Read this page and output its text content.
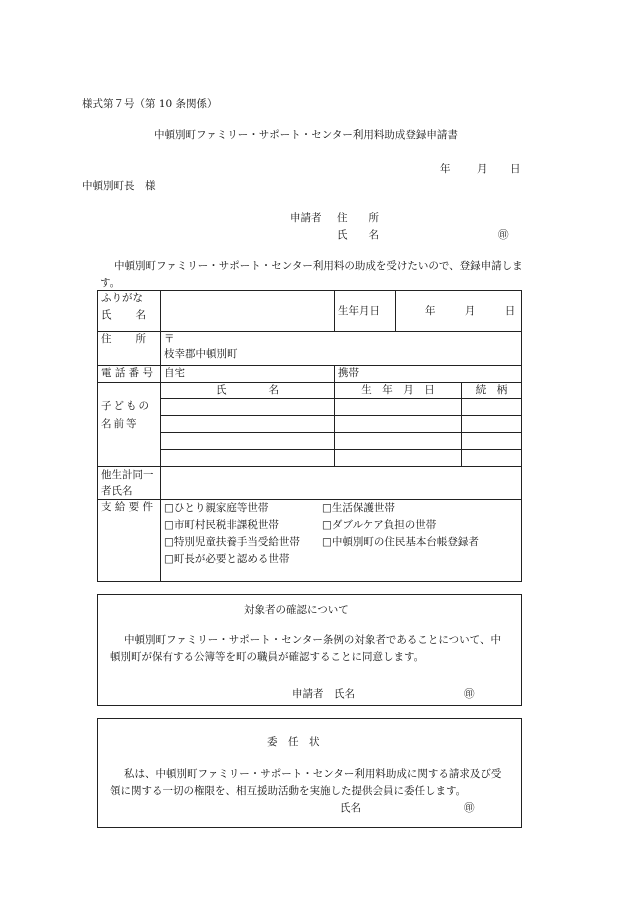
様式第７号（第 10 条関係）
中頓別町ファミリー・サポート・センター利用料助成登録申請書
年	月 日
中頓別町長　様
申請者 住　　所
氏　　名	㊞
中頓別町ファミリー・サポート・センター利用料の助成を受けたいので、登録申請します。
ふりがな		生年月日	年 月 日	
氏　　名				
住　　所	〒
枝幸郡中頓別町			

電 話 番 号	自宅	携帯		
子どもの名前等	氏　　　　名	生　年　月　日		続　柄

他生計同一者氏名				
支 給 要 件	□ひとり親家庭等世帯 □生活保護世帯
□市町村民税非課税世帯 □ダブルケア負担の世帯
□特別児童扶養手当受給世帯 □中頓別町の住民基本台帳登録者
□町長が必要と認める世帯			
対象者の確認について
中頓別町ファミリー・サポート・センター条例の対象者であることについて、中頓別町が保有する公簿等を町の職員が確認することに同意します。
申請者　氏名	㊞
委　任　状
私は、中頓別町ファミリー・サポート・センター利用料助成に関する請求及び受領に関する一切の権限を、相互援助活動を実施した提供会員に委任します。
氏名	㊞
